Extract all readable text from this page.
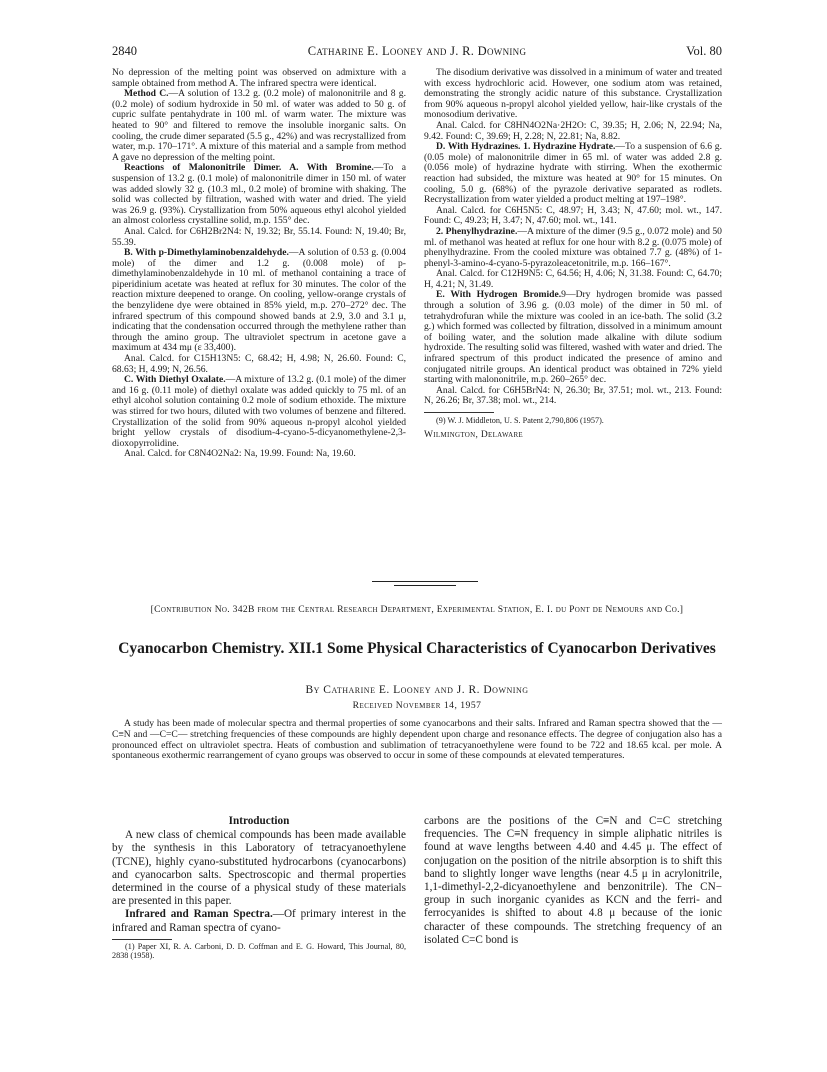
2840	Catharine E. Looney and J. R. Downing	Vol. 80

No depression of the melting point was observed on admixture with a sample obtained from method A. The infrared spectra were identical.

Method C.—A solution of 13.2 g. (0.2 mole) of malononitrile and 8 g. (0.2 mole) of sodium hydroxide in 50 ml. of water was added to 50 g. of cupric sulfate pentahydrate in 100 ml. of warm water. The mixture was heated to 90° and filtered to remove the insoluble inorganic salts. On cooling, the crude dimer separated (5.5 g., 42%) and was recrystallized from water, m.p. 170–171°. A mixture of this material and a sample from method A gave no depression of the melting point.

Reactions of Malononitrile Dimer. A. With Bromine.—To a suspension of 13.2 g. (0.1 mole) of malononitrile dimer in 150 ml. of water was added slowly 32 g. (10.3 ml., 0.2 mole) of bromine with shaking. The solid was collected by filtration, washed with water and dried. The yield was 26.9 g. (93%). Crystallization from 50% aqueous ethyl alcohol yielded an almost colorless crystalline solid, m.p. 155° dec.

Anal. Calcd. for C6H2Br2N4: N, 19.32; Br, 55.14. Found: N, 19.40; Br, 55.39.

B. With p-Dimethylaminobenzaldehyde.—A solution of 0.53 g. (0.004 mole) of the dimer and 1.2 g. (0.008 mole) of p-dimethylaminobenzaldehyde in 10 ml. of methanol containing a trace of piperidinium acetate was heated at reflux for 30 minutes. The color of the reaction mixture deepened to orange. On cooling, yellow-orange crystals of the benzylidene dye were obtained in 85% yield, m.p. 270–272° dec. The infrared spectrum of this compound showed bands at 2.9, 3.0 and 3.1 μ, indicating that the condensation occurred through the methylene rather than through the amino group. The ultraviolet spectrum in acetone gave a maximum at 434 mμ (ε 33,400).

Anal. Calcd. for C15H13N5: C, 68.42; H, 4.98; N, 26.60. Found: C, 68.63; H, 4.99; N, 26.56.

C. With Diethyl Oxalate.—A mixture of 13.2 g. (0.1 mole) of the dimer and 16 g. (0.11 mole) of diethyl oxalate was added quickly to 75 ml. of an ethyl alcohol solution containing 0.2 mole of sodium ethoxide. The mixture was stirred for two hours, diluted with two volumes of benzene and filtered. Crystallization of the solid from 90% aqueous n-propyl alcohol yielded bright yellow crystals of disodium-4-cyano-5-dicyanomethylene-2,3-dioxopyrrolidine.

Anal. Calcd. for C8N4O2Na2: Na, 19.99. Found: Na, 19.60.

The disodium derivative was dissolved in a minimum of water and treated with excess hydrochloric acid. However, one sodium atom was retained, demonstrating the strongly acidic nature of this substance. Crystallization from 90% aqueous n-propyl alcohol yielded yellow, hair-like crystals of the monosodium derivative.

Anal. Calcd. for C8HN4O2Na·2H2O: C, 39.35; H, 2.06; N, 22.94; Na, 9.42. Found: C, 39.69; H, 2.28; N, 22.81; Na, 8.82.

D. With Hydrazines. 1. Hydrazine Hydrate.—To a suspension of 6.6 g. (0.05 mole) of malononitrile dimer in 65 ml. of water was added 2.8 g. (0.056 mole) of hydrazine hydrate with stirring. When the exothermic reaction had subsided, the mixture was heated at 90° for 15 minutes. On cooling, 5.0 g. (68%) of the pyrazole derivative separated as rodlets. Recrystallization from water yielded a product melting at 197–198°.

Anal. Calcd. for C6H5N5: C, 48.97; H, 3.43; N, 47.60; mol. wt., 147. Found: C, 49.23; H, 3.47; N, 47.60; mol. wt., 141.

2. Phenylhydrazine.—A mixture of the dimer (9.5 g., 0.072 mole) and 50 ml. of methanol was heated at reflux for one hour with 8.2 g. (0.075 mole) of phenylhydrazine. From the cooled mixture was obtained 7.7 g. (48%) of 1-phenyl-3-amino-4-cyano-5-pyrazoleacetonitrile, m.p. 166–167°.

Anal. Calcd. for C12H9N5: C, 64.56; H, 4.06; N, 31.38. Found: C, 64.70; H, 4.21; N, 31.49.

E. With Hydrogen Bromide.9—Dry hydrogen bromide was passed through a solution of 3.96 g. (0.03 mole) of the dimer in 50 ml. of tetrahydrofuran while the mixture was cooled in an ice-bath. The solid (3.2 g.) which formed was collected by filtration, dissolved in a minimum amount of boiling water, and the solution made alkaline with dilute sodium hydroxide. The resulting solid was filtered, washed with water and dried. The infrared spectrum of this product indicated the presence of amino and conjugated nitrile groups. An identical product was obtained in 72% yield starting with malononitrile, m.p. 260–265° dec.

Anal. Calcd. for C6H5BrN4: N, 26.30; Br, 37.51; mol. wt., 213. Found: N, 26.26; Br, 37.38; mol. wt., 214.

(9) W. J. Middleton, U. S. Patent 2,790,806 (1957).

Wilmington, Delaware
[Contribution No. 342B from the Central Research Department, Experimental Station, E. I. du Pont de Nemours and Co.]
Cyanocarbon Chemistry. XII.1 Some Physical Characteristics of Cyanocarbon Derivatives
By Catharine E. Looney and J. R. Downing
Received November 14, 1957

A study has been made of molecular spectra and thermal properties of some cyanocarbons and their salts. Infrared and Raman spectra showed that the —C≡N and —C=C— stretching frequencies of these compounds are highly dependent upon charge and resonance effects. The degree of conjugation also has a pronounced effect on ultraviolet spectra. Heats of combustion and sublimation of tetracyanoethylene were found to be 722 and 18.65 kcal. per mole. A spontaneous exothermic rearrangement of cyano groups was observed to occur in some of these compounds at elevated temperatures.

Introduction

A new class of chemical compounds has been made available by the synthesis in this Laboratory of tetracyanoethylene (TCNE), highly cyano-substituted hydrocarbons (cyanocarbons) and cyanocarbon salts. Spectroscopic and thermal properties determined in the course of a physical study of these materials are presented in this paper.

Infrared and Raman Spectra.—Of primary interest in the infrared and Raman spectra of cyano-

(1) Paper XI, R. A. Carboni, D. D. Coffman and E. G. Howard, This Journal, 80, 2838 (1958).

carbons are the positions of the C≡N and C=C stretching frequencies. The C≡N frequency in simple aliphatic nitriles is found at wave lengths between 4.40 and 4.45 μ. The effect of conjugation on the position of the nitrile absorption is to shift this band to slightly longer wave lengths (near 4.5 μ in acrylonitrile, 1,1-dimethyl-2,2-dicyanoethylene and benzonitrile). The CN− group in such inorganic cyanides as KCN and the ferri- and ferrocyanides is shifted to about 4.8 μ because of the ionic character of these compounds. The stretching frequency of an isolated C=C bond is
